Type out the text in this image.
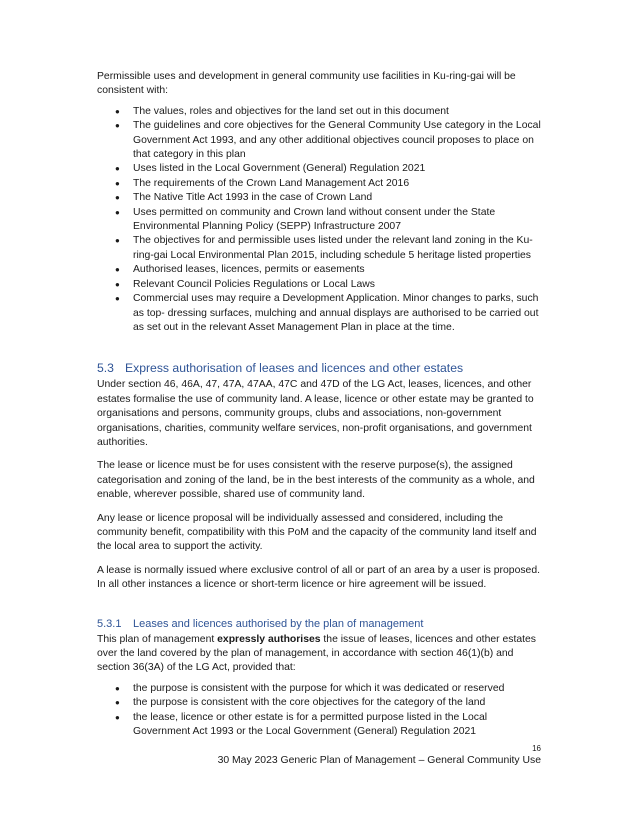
Permissible uses and development in general community use facilities in Ku-ring-gai will be consistent with:

● The values, roles and objectives for the land set out in this document
● The guidelines and core objectives for the General Community Use category in the Local Government Act 1993, and any other additional objectives council proposes to place on that category in this plan
● Uses listed in the Local Government (General) Regulation 2021
● The requirements of the Crown Land Management Act 2016
● The Native Title Act 1993 in the case of Crown Land
● Uses permitted on community and Crown land without consent under the State Environmental Planning Policy (SEPP) Infrastructure 2007
● The objectives for and permissible uses listed under the relevant land zoning in the Ku-ring-gai Local Environmental Plan 2015, including schedule 5 heritage listed properties
● Authorised leases, licences, permits or easements
● Relevant Council Policies Regulations or Local Laws
● Commercial uses may require a Development Application. Minor changes to parks, such as top- dressing surfaces, mulching and annual displays are authorised to be carried out as set out in the relevant Asset Management Plan in place at the time.
5.3 Express authorisation of leases and licences and other estates

Under section 46, 46A, 47, 47A, 47AA, 47C and 47D of the LG Act, leases, licences, and other estates formalise the use of community land. A lease, licence or other estate may be granted to organisations and persons, community groups, clubs and associations, non-government organisations, charities, community welfare services, non-profit organisations, and government authorities.

The lease or licence must be for uses consistent with the reserve purpose(s), the assigned categorisation and zoning of the land, be in the best interests of the community as a whole, and enable, wherever possible, shared use of community land.

Any lease or licence proposal will be individually assessed and considered, including the community benefit, compatibility with this PoM and the capacity of the community land itself and the local area to support the activity.

A lease is normally issued where exclusive control of all or part of an area by a user is proposed. In all other instances a licence or short-term licence or hire agreement will be issued.

5.3.1 Leases and licences authorised by the plan of management

This plan of management expressly authorises the issue of leases, licences and other estates over the land covered by the plan of management, in accordance with section 46(1)(b) and section 36(3A) of the LG Act, provided that:

● the purpose is consistent with the purpose for which it was dedicated or reserved
● the purpose is consistent with the core objectives for the category of the land
● the lease, licence or other estate is for a permitted purpose listed in the Local Government Act 1993 or the Local Government (General) Regulation 2021
16
30 May 2023 Generic Plan of Management – General Community Use
